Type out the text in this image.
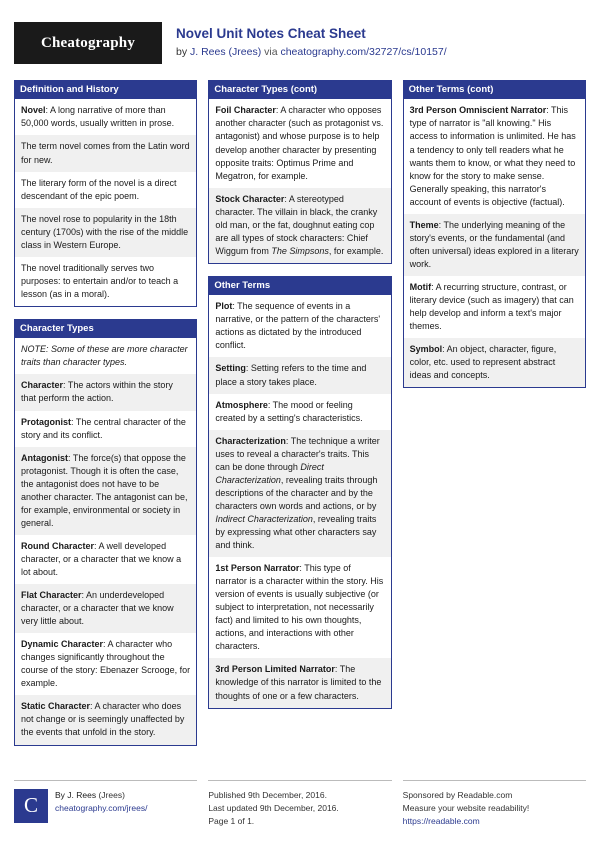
Cheatography
Novel Unit Notes Cheat Sheet
by J. Rees (Jrees) via cheatography.com/32727/cs/10157/
Definition and History
Novel: A long narrative of more than 50,000 words, usually written in prose.
The term novel comes from the Latin word for new.
The literary form of the novel is a direct descendant of the epic poem.
The novel rose to popularity in the 18th century (1700s) with the rise of the middle class in Western Europe.
The novel traditionally serves two purposes: to entertain and/or to teach a lesson (as in a moral).
Character Types
NOTE: Some of these are more character traits than character types.
Character: The actors within the story that perform the action.
Protagonist: The central character of the story and its conflict.
Antagonist: The force(s) that oppose the protagonist. Though it is often the case, the antagonist does not have to be another character. The antagonist can be, for example, environmental or society in general.
Round Character: A well developed character, or a character that we know a lot about.
Flat Character: An underdeveloped character, or a character that we know very little about.
Dynamic Character: A character who changes significantly throughout the course of the story: Ebenazer Scrooge, for example.
Static Character: A character who does not change or is seemingly unaffected by the events that unfold in the story.
Character Types (cont)
Foil Character: A character who opposes another character (such as protagonist vs. antagonist) and whose purpose is to help develop another character by presenting opposite traits: Optimus Prime and Megatron, for example.
Stock Character: A stereotyped character. The villain in black, the cranky old man, or the fat, doughnut eating cop are all types of stock characters: Chief Wiggum from The Simpsons, for example.
Other Terms
Plot: The sequence of events in a narrative, or the pattern of the characters' actions as dictated by the introduced conflict.
Setting: Setting refers to the time and place a story takes place.
Atmosphere: The mood or feeling created by a setting's characteristics.
Characterization: The technique a writer uses to reveal a character's traits. This can be done through Direct Characterization, revealing traits through descriptions of the character and by the characters own words and actions, or by Indirect Characterization, revealing traits by expressing what other characters say and think.
1st Person Narrator: This type of narrator is a character within the story. His version of events is usually subjective (or subject to interpretation, not necessarily fact) and limited to his own thoughts, actions, and interactions with other characters.
3rd Person Limited Narrator: The knowledge of this narrator is limited to the thoughts of one or a few characters.
Other Terms (cont)
3rd Person Omniscient Narrator: This type of narrator is "all knowing." His access to information is unlimited. He has a tendency to only tell readers what he wants them to know, or what they need to know for the story to make sense. Generally speaking, this narrator's account of events is objective (factual).
Theme: The underlying meaning of the story's events, or the fundamental (and often universal) ideas explored in a literary work.
Motif: A recurring structure, contrast, or literary device (such as imagery) that can help develop and inform a text's major themes.
Symbol: An object, character, figure, color, etc. used to represent abstract ideas and concepts.
C	By J. Rees (Jrees)
cheatography.com/jrees/
Published 9th December, 2016.
Last updated 9th December, 2016.
Page 1 of 1.
Sponsored by Readable.com
Measure your website readability!
https://readable.com
